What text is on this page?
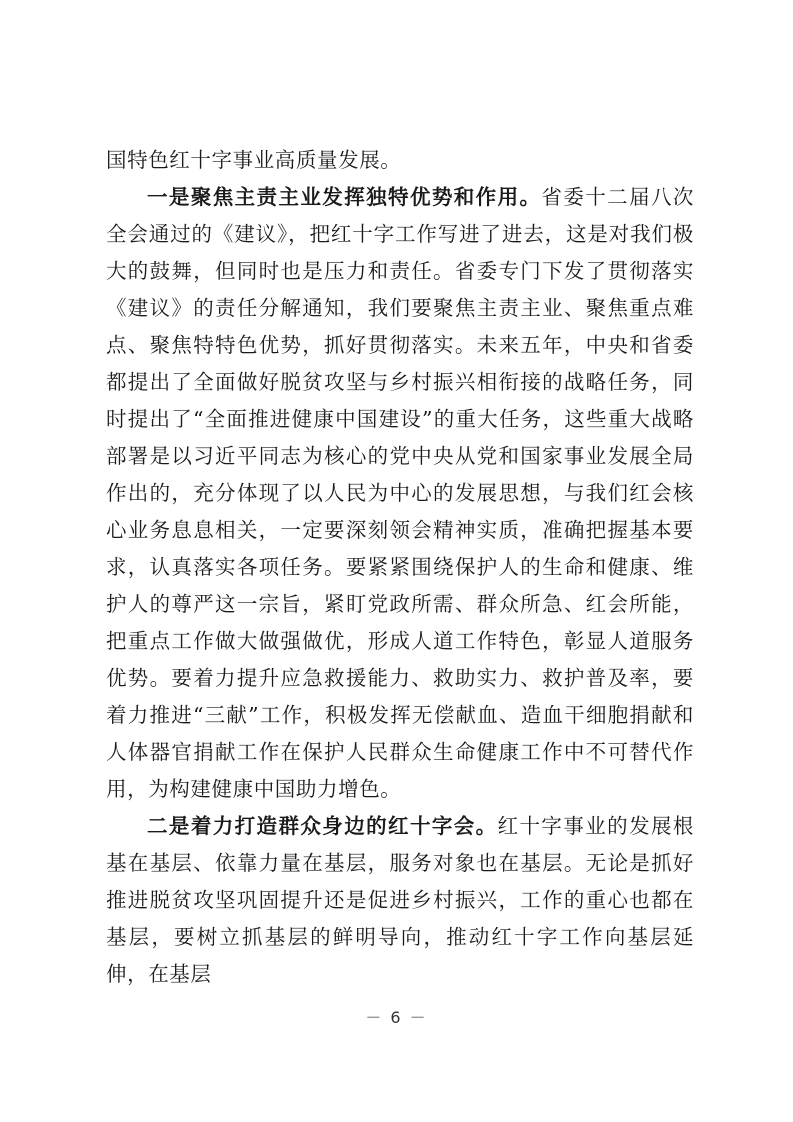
国特色红十字事业高质量发展。

一是聚焦主责主业发挥独特优势和作用。省委十二届八次全会通过的《建议》，把红十字工作写进了进去，这是对我们极大的鼓舞，但同时也是压力和责任。省委专门下发了贯彻落实《建议》的责任分解通知，我们要聚焦主责主业、聚焦重点难点、聚焦特特色优势，抓好贯彻落实。未来五年，中央和省委都提出了全面做好脱贫攻坚与乡村振兴相衔接的战略任务，同时提出了“全面推进健康中国建设”的重大任务，这些重大战略部署是以习近平同志为核心的党中央从党和国家事业发展全局作出的，充分体现了以人民为中心的发展思想，与我们红会核心业务息息相关，一定要深刻领会精神实质，准确把握基本要求，认真落实各项任务。要紧紧围绕保护人的生命和健康、维护人的尊严这一宗旨，紧盯党政所需、群众所急、红会所能，把重点工作做大做强做优，形成人道工作特色，彰显人道服务优势。要着力提升应急救援能力、救助实力、救护普及率，要着力推进“三献”工作，积极发挥无偿献血、造血干细胞捐献和人体器官捐献工作在保护人民群众生命健康工作中不可替代作用，为构建健康中国助力增色。

二是着力打造群众身边的红十字会。红十字事业的发展根基在基层、依靠力量在基层，服务对象也在基层。无论是抓好推进脱贫攻坚巩固提升还是促进乡村振兴，工作的重心也都在基层，要树立抓基层的鲜明导向，推动红十字工作向基层延伸，在基层

－ 6 －
